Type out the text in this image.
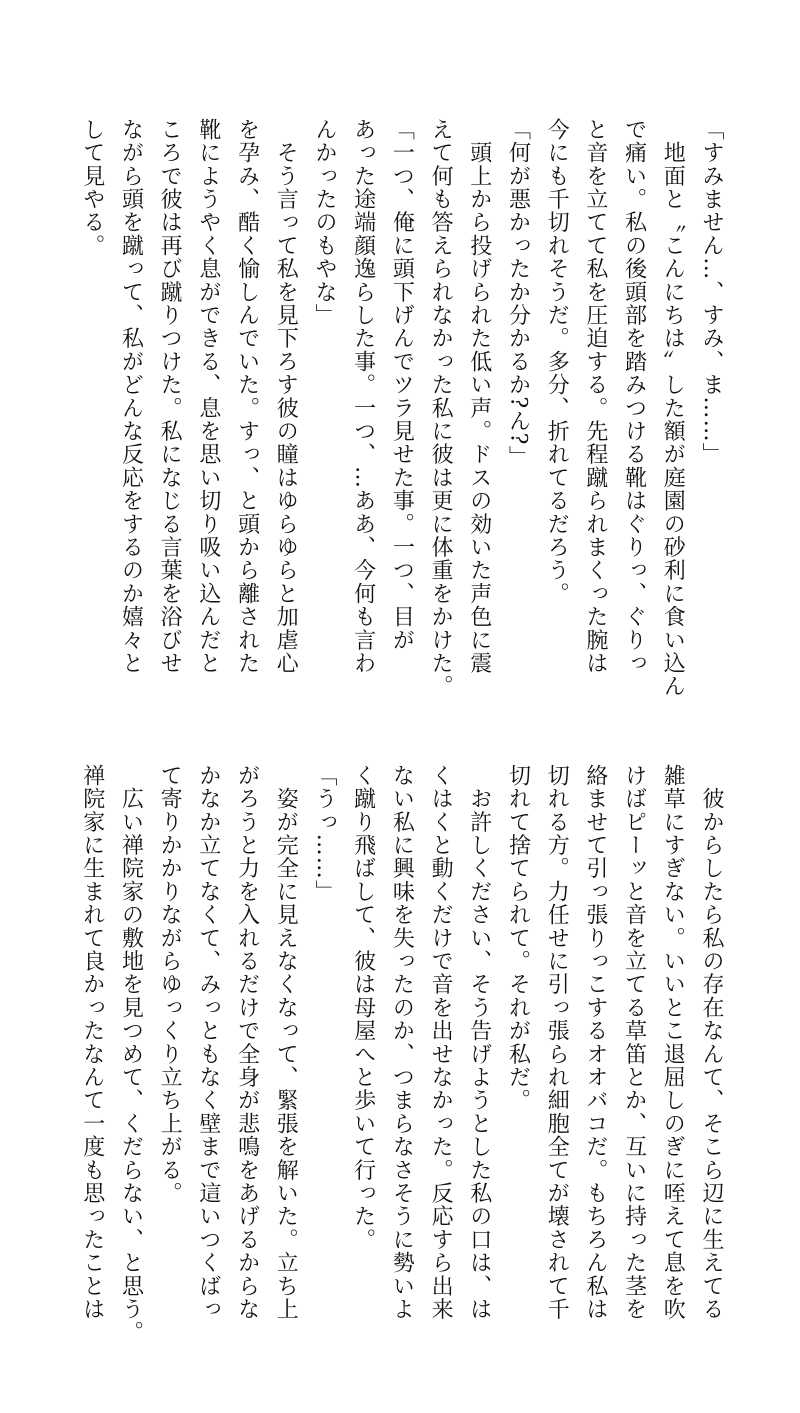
「すみません…、すみ、ま……」
　地面と〝こんにちは〟した額が庭園の砂利に食い込ん
で痛い。私の後頭部を踏みつける靴はぐりっ、ぐりっ
と音を立てて私を圧迫する。先程蹴られまくった腕は
今にも千切れそうだ。多分、折れてるだろう。
「何が悪かったか分かるか?ん?」
　頭上から投げられた低い声。ドスの効いた声色に震
えて何も答えられなかった私に彼は更に体重をかけた。
「一つ、俺に頭下げんでツラ見せた事。一つ、目が
あった途端顔逸らした事。一つ、…ああ、今何も言わ
んかったのもやな」
　そう言って私を見下ろす彼の瞳はゆらゆらと加虐心
を孕み、酷く愉しんでいた。すっ、と頭から離された
靴にようやく息ができる、息を思い切り吸い込んだと
ころで彼は再び蹴りつけた。私になじる言葉を浴びせ
ながら頭を蹴って、私がどんな反応をするのか嬉々と
して見やる。
　彼からしたら私の存在なんて、そこら辺に生えてる
雑草にすぎない。いいとこ退屈しのぎに咥えて息を吹
けばピーッと音を立てる草笛とか、互いに持った茎を
絡ませて引っ張りっこするオオバコだ。もちろん私は
切れる方。力任せに引っ張られ細胞全てが壊されて千
切れて捨てられて。それが私だ。
　お許しください、そう告げようとした私の口は、は
くはくと動くだけで音を出せなかった。反応すら出来
ない私に興味を失ったのか、つまらなさそうに勢いよ
く蹴り飛ばして、彼は母屋へと歩いて行った。
「うっ……」
　姿が完全に見えなくなって、緊張を解いた。立ち上
がろうと力を入れるだけで全身が悲鳴をあげるからな
かなか立てなくて、みっともなく壁まで這いつくばっ
て寄りかかりながらゆっくり立ち上がる。
　広い禅院家の敷地を見つめて、くだらない、と思う。
禅院家に生まれて良かったなんて一度も思ったことは
